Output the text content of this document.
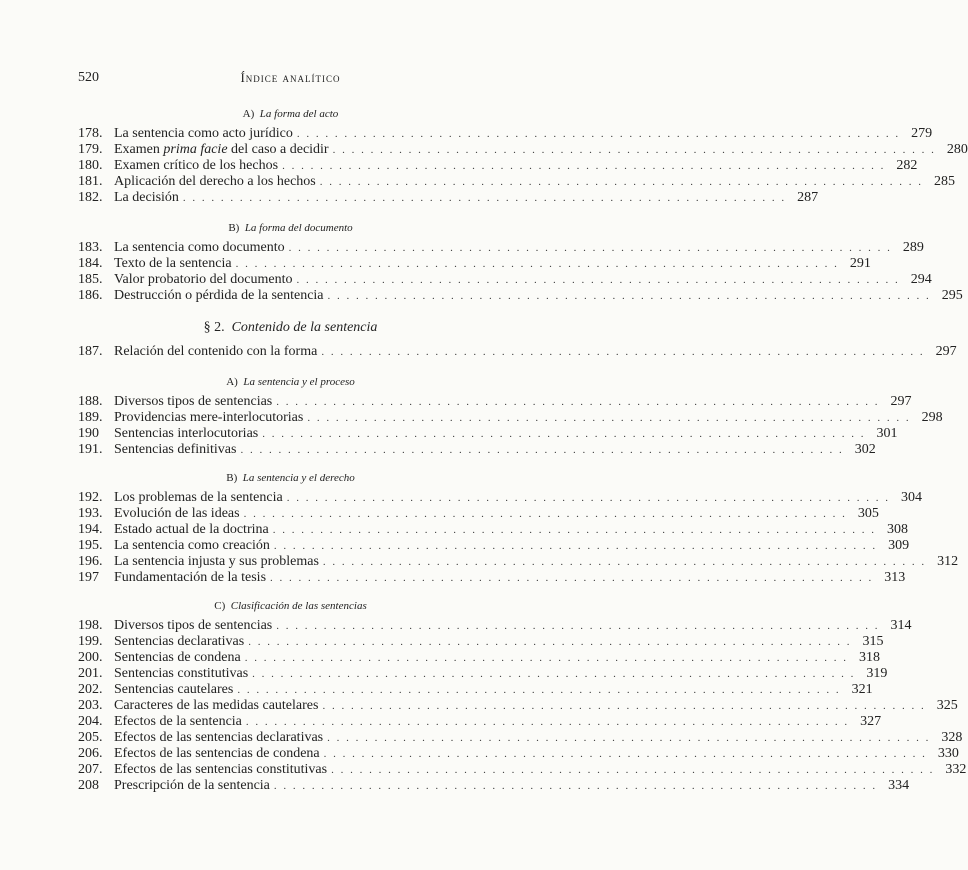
520	Índice analítico
A)  La forma del acto
178. La sentencia como acto jurídico . . . . . . . . . . . . . . . . . . . . . . . . . . . . . . . . . . . . . . . . . . . . . . . . . . . . . . . . . . . . . . . . 279
179. Examen prima facie del caso a decidir . . . . . . . . . . . . . . . . . . . . . . . . . . . . . . . . . . . . . . . . . . . . . . . . . . . . . . . . . . . . . . . . 280
180. Examen crítico de los hechos . . . . . . . . . . . . . . . . . . . . . . . . . . . . . . . . . . . . . . . . . . . . . . . . . . . . . . . . . . . . . . . . 282
181. Aplicación del derecho a los hechos . . . . . . . . . . . . . . . . . . . . . . . . . . . . . . . . . . . . . . . . . . . . . . . . . . . . . . . . . . . . . . . . 285
182. La decisión . . . . . . . . . . . . . . . . . . . . . . . . . . . . . . . . . . . . . . . . . . . . . . . . . . . . . . . . . . . . . . . . 287
B)  La forma del documento
183. La sentencia como documento . . . . . . . . . . . . . . . . . . . . . . . . . . . . . . . . . . . . . . . . . . . . . . . . . . . . . . . . . . . . . . . . 289
184. Texto de la sentencia . . . . . . . . . . . . . . . . . . . . . . . . . . . . . . . . . . . . . . . . . . . . . . . . . . . . . . . . . . . . . . . . 291
185. Valor probatorio del documento . . . . . . . . . . . . . . . . . . . . . . . . . . . . . . . . . . . . . . . . . . . . . . . . . . . . . . . . . . . . . . . . 294
186. Destrucción o pérdida de la sentencia . . . . . . . . . . . . . . . . . . . . . . . . . . . . . . . . . . . . . . . . . . . . . . . . . . . . . . . . . . . . . . . . 295
§ 2.  Contenido de la sentencia
187. Relación del contenido con la forma . . . . . . . . . . . . . . . . . . . . . . . . . . . . . . . . . . . . . . . . . . . . . . . . . . . . . . . . . . . . . . . . 297
A)  La sentencia y el proceso
188. Diversos tipos de sentencias . . . . . . . . . . . . . . . . . . . . . . . . . . . . . . . . . . . . . . . . . . . . . . . . . . . . . . . . . . . . . . . . 297
189. Providencias mere-interlocutorias . . . . . . . . . . . . . . . . . . . . . . . . . . . . . . . . . . . . . . . . . . . . . . . . . . . . . . . . . . . . . . . . 298
190	Sentencias interlocutorias . . . . . . . . . . . . . . . . . . . . . . . . . . . . . . . . . . . . . . . . . . . . . . . . . . . . . . . . . . . . . . . . 301
191. Sentencias definitivas . . . . . . . . . . . . . . . . . . . . . . . . . . . . . . . . . . . . . . . . . . . . . . . . . . . . . . . . . . . . . . . . 302
B)  La sentencia y el derecho
192. Los problemas de la sentencia . . . . . . . . . . . . . . . . . . . . . . . . . . . . . . . . . . . . . . . . . . . . . . . . . . . . . . . . . . . . . . . . 304
193. Evolución de las ideas . . . . . . . . . . . . . . . . . . . . . . . . . . . . . . . . . . . . . . . . . . . . . . . . . . . . . . . . . . . . . . . . 305
194. Estado actual de la doctrina . . . . . . . . . . . . . . . . . . . . . . . . . . . . . . . . . . . . . . . . . . . . . . . . . . . . . . . . . . . . . . . . 308
195. La sentencia como creación . . . . . . . . . . . . . . . . . . . . . . . . . . . . . . . . . . . . . . . . . . . . . . . . . . . . . . . . . . . . . . . . 309
196. La sentencia injusta y sus problemas . . . . . . . . . . . . . . . . . . . . . . . . . . . . . . . . . . . . . . . . . . . . . . . . . . . . . . . . . . . . . . . . 312
197	Fundamentación de la tesis . . . . . . . . . . . . . . . . . . . . . . . . . . . . . . . . . . . . . . . . . . . . . . . . . . . . . . . . . . . . . . . . 313
C)  Clasificación de las sentencias
198. Diversos tipos de sentencias . . . . . . . . . . . . . . . . . . . . . . . . . . . . . . . . . . . . . . . . . . . . . . . . . . . . . . . . . . . . . . . . 314
199. Sentencias declarativas . . . . . . . . . . . . . . . . . . . . . . . . . . . . . . . . . . . . . . . . . . . . . . . . . . . . . . . . . . . . . . . . 315
200. Sentencias de condena . . . . . . . . . . . . . . . . . . . . . . . . . . . . . . . . . . . . . . . . . . . . . . . . . . . . . . . . . . . . . . . . 318
201. Sentencias constitutivas . . . . . . . . . . . . . . . . . . . . . . . . . . . . . . . . . . . . . . . . . . . . . . . . . . . . . . . . . . . . . . . . 319
202. Sentencias cautelares . . . . . . . . . . . . . . . . . . . . . . . . . . . . . . . . . . . . . . . . . . . . . . . . . . . . . . . . . . . . . . . . 321
203. Caracteres de las medidas cautelares . . . . . . . . . . . . . . . . . . . . . . . . . . . . . . . . . . . . . . . . . . . . . . . . . . . . . . . . . . . . . . . . 325
204. Efectos de la sentencia . . . . . . . . . . . . . . . . . . . . . . . . . . . . . . . . . . . . . . . . . . . . . . . . . . . . . . . . . . . . . . . . 327
205. Efectos de las sentencias declarativas . . . . . . . . . . . . . . . . . . . . . . . . . . . . . . . . . . . . . . . . . . . . . . . . . . . . . . . . . . . . . . . . 328
206. Efectos de las sentencias de condena . . . . . . . . . . . . . . . . . . . . . . . . . . . . . . . . . . . . . . . . . . . . . . . . . . . . . . . . . . . . . . . . 330
207. Efectos de las sentencias constitutivas . . . . . . . . . . . . . . . . . . . . . . . . . . . . . . . . . . . . . . . . . . . . . . . . . . . . . . . . . . . . . . . . 332
208	Prescripción de la sentencia . . . . . . . . . . . . . . . . . . . . . . . . . . . . . . . . . . . . . . . . . . . . . . . . . . . . . . . . . . . . . . . . 334
